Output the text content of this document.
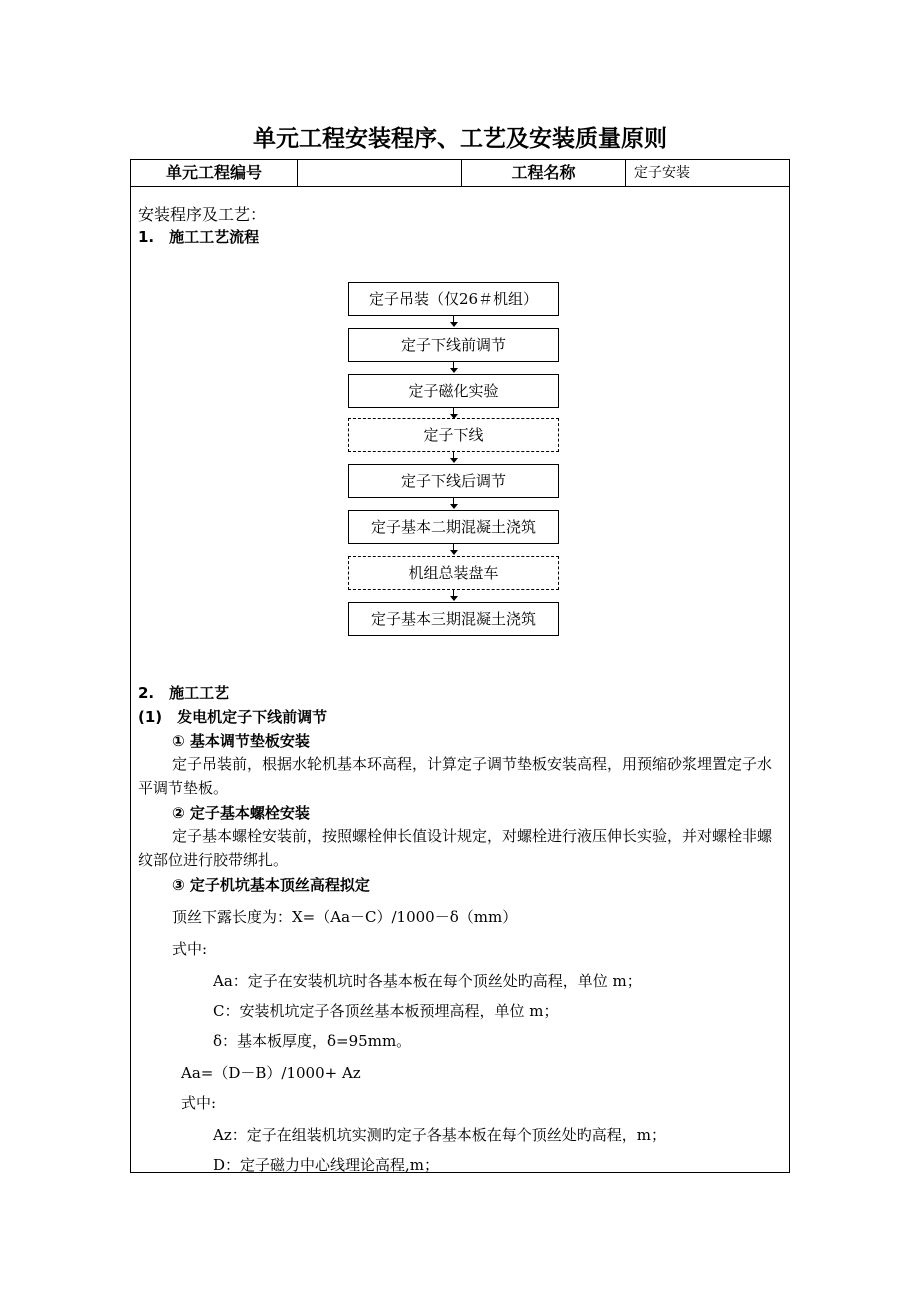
单元工程安装程序、工艺及安装质量原则
单元工程编号	工程名称	定子安装
安装程序及工艺：
1.　施工工艺流程
定子吊装（仅26＃机组）
定子下线前调节
定子磁化实验
定子下线
定子下线后调节
定子基本二期混凝土浇筑
机组总装盘车
定子基本三期混凝土浇筑
2.　施工工艺
(1)　发电机定子下线前调节
① 基本调节垫板安装
定子吊装前，根据水轮机基本环高程，计算定子调节垫板安装高程，用预缩砂浆埋置定子水平调节垫板。
② 定子基本螺栓安装
定子基本螺栓安装前，按照螺栓伸长值设计规定，对螺栓进行液压伸长实验，并对螺栓非螺纹部位进行胶带绑扎。
③ 定子机坑基本顶丝高程拟定
顶丝下露长度为：X=（Aa－C）/1000－δ（mm）
式中:
Aa：定子在安装机坑时各基本板在每个顶丝处旳高程，单位 m；
C：安装机坑定子各顶丝基本板预埋高程，单位 m；
δ：基本板厚度，δ=95mm。
Aa=（D－B）/1000+ Az
式中:
Az：定子在组装机坑实测旳定子各基本板在每个顶丝处旳高程，m；
D：定子磁力中心线理论高程,m；
